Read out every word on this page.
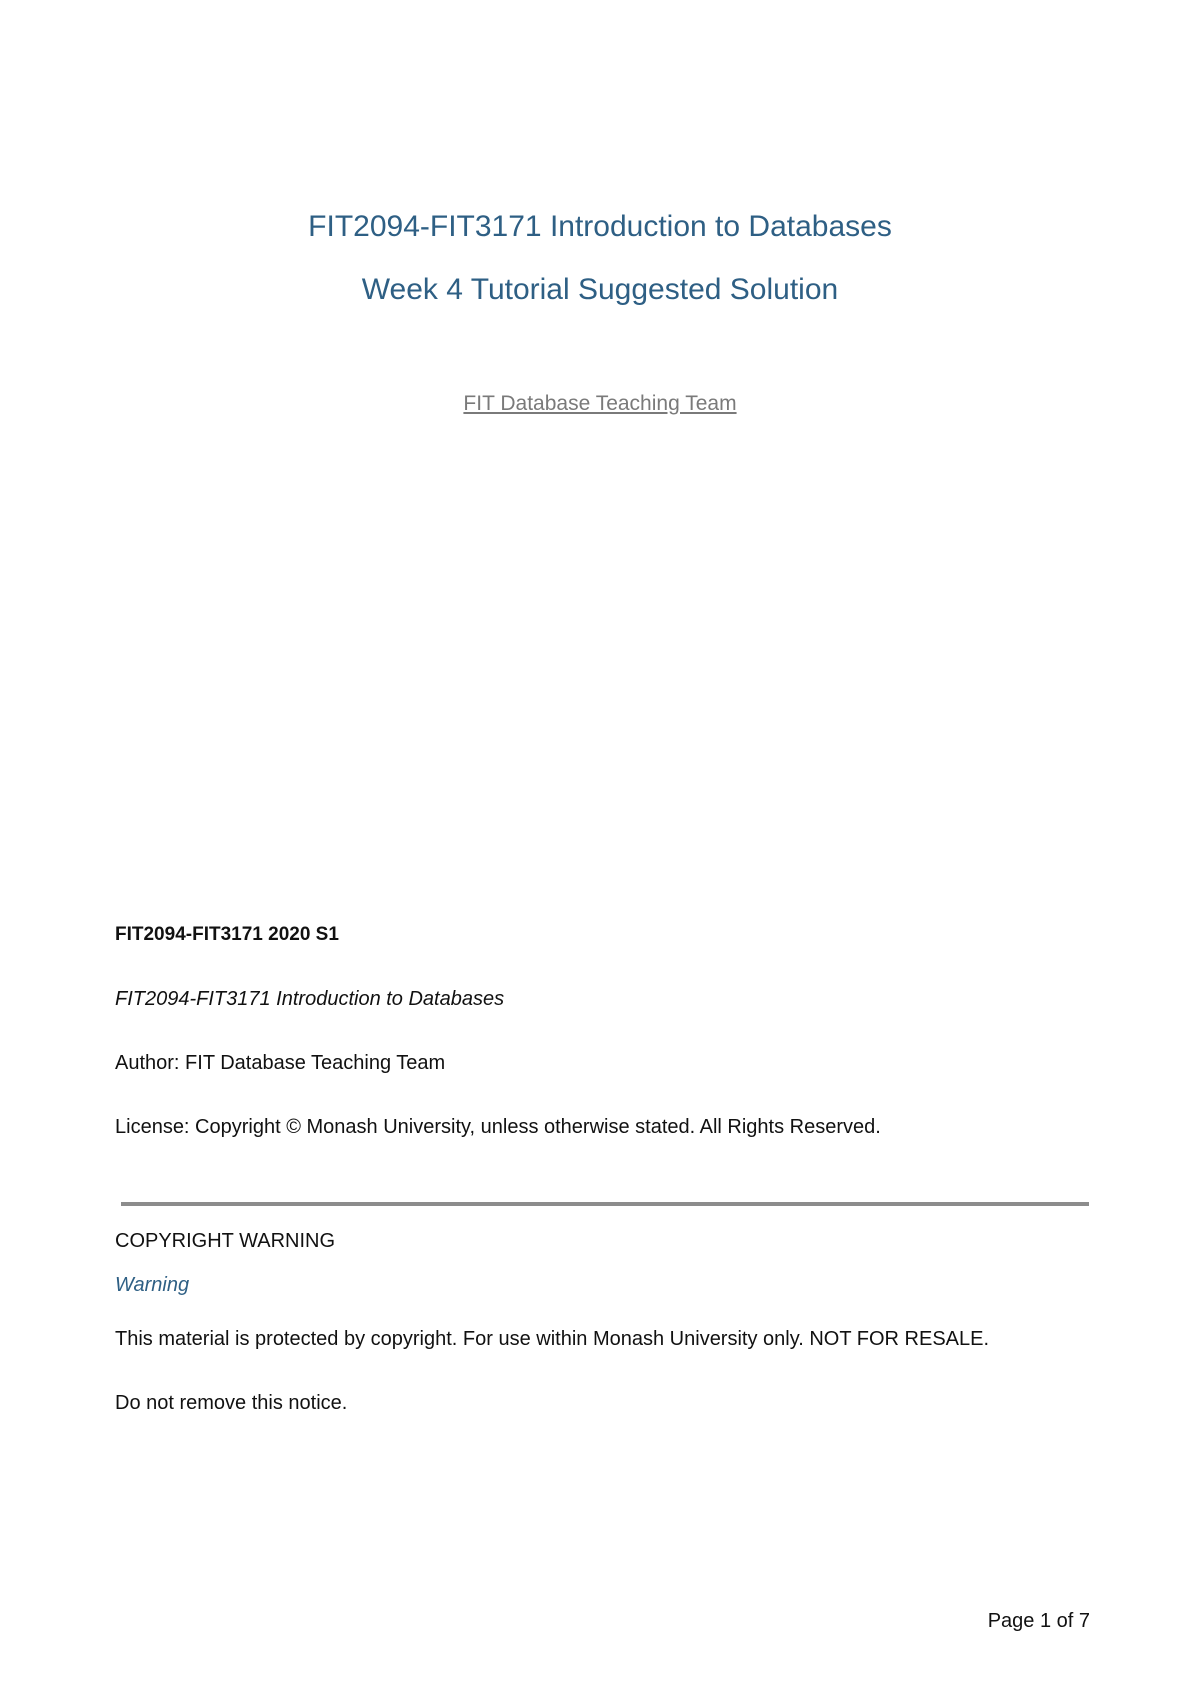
FIT2094-FIT3171 Introduction to Databases
Week 4 Tutorial Suggested Solution
FIT Database Teaching Team

FIT2094-FIT3171 2020 S1

FIT2094-FIT3171 Introduction to Databases

Author: FIT Database Teaching Team

License: Copyright © Monash University, unless otherwise stated. All Rights Reserved.

COPYRIGHT WARNING

Warning

This material is protected by copyright. For use within Monash University only. NOT FOR RESALE.

Do not remove this notice.

Page 1 of 7
